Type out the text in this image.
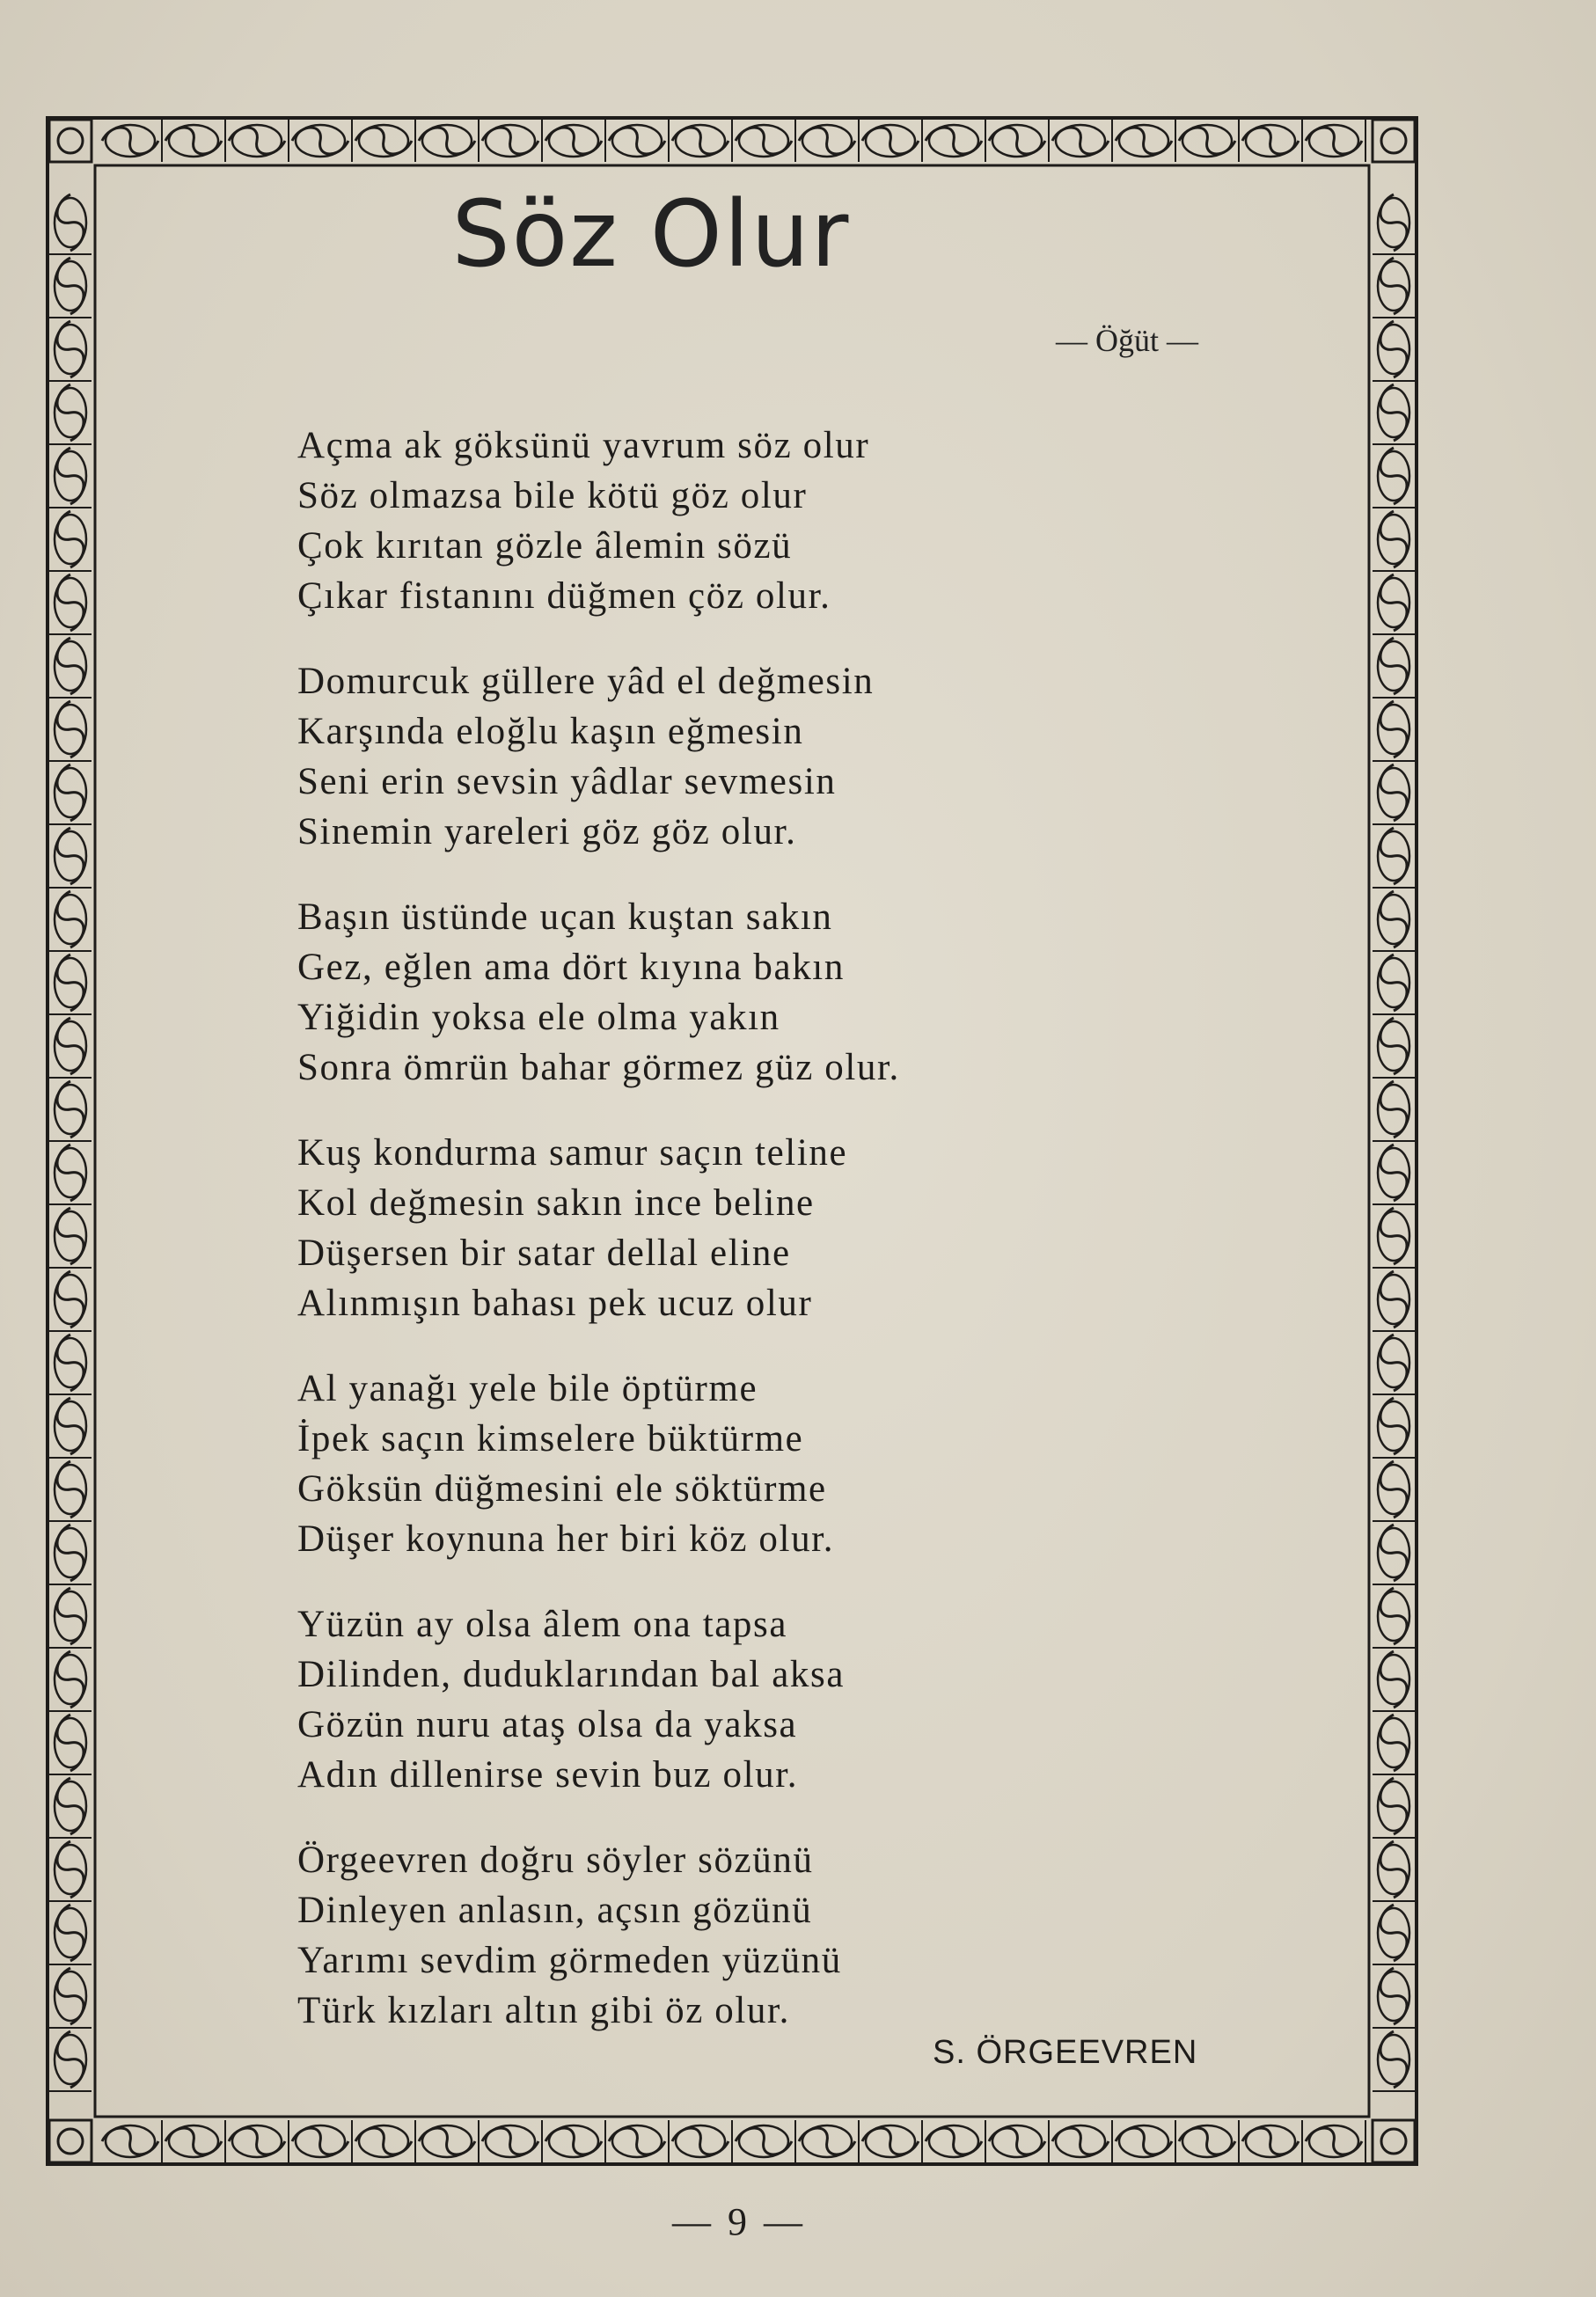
Söz Olur
— Öğüt —
Açma ak göksünü yavrum söz olur
Söz olmazsa bile kötü göz olur
Çok kırıtan gözle âlemin sözü
Çıkar fistanını düğmen çöz olur.
Domurcuk güllere yâd el değmesin
Karşında eloğlu kaşın eğmesin
Seni erin sevsin yâdlar sevmesin
Sinemin yareleri göz göz olur.
Başın üstünde uçan kuştan sakın
Gez, eğlen ama dört kıyına bakın
Yiğidin yoksa ele olma yakın
Sonra ömrün bahar görmez güz olur.
Kuş kondurma samur saçın teline
Kol değmesin sakın ince beline
Düşersen bir satar dellal eline
Alınmışın bahası pek ucuz olur
Al yanağı yele bile öptürme
İpek saçın kimselere büktürme
Göksün düğmesini ele söktürme
Düşer koynuna her biri köz olur.
Yüzün ay olsa âlem ona tapsa
Dilinden, duduklarından bal aksa
Gözün nuru ataş olsa da yaksa
Adın dillenirse sevin buz olur.
Örgeevren doğru söyler sözünü
Dinleyen anlasın, açsın gözünü
Yarımı sevdim görmeden yüzünü
Türk kızları altın gibi öz olur.
S. ÖRGEEVREN
— 9 —
